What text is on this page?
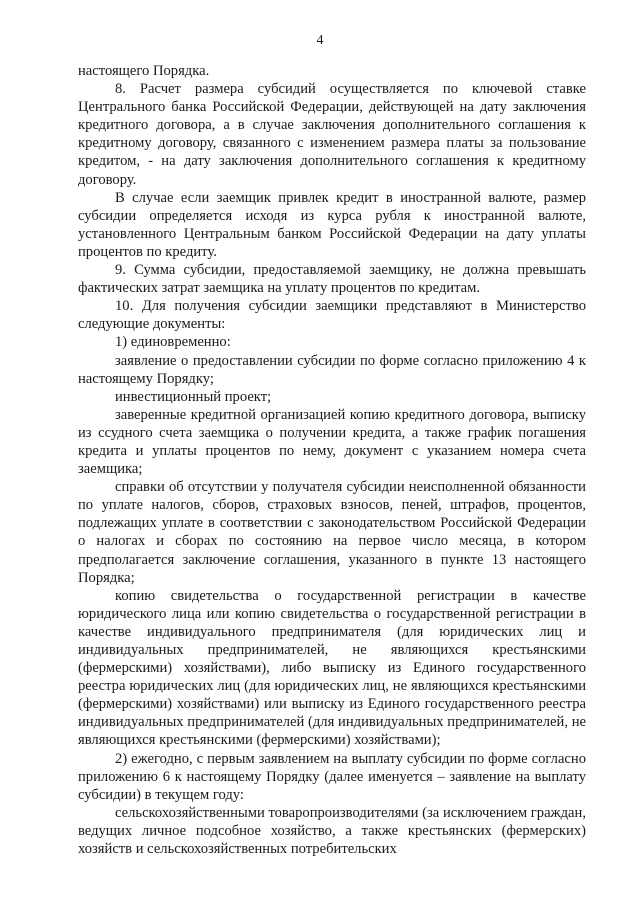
4

настоящего Порядка.

8. Расчет размера субсидий осуществляется по ключевой ставке Центрального банка Российской Федерации, действующей на дату заключения кредитного договора, а в случае заключения дополнительного соглашения к кредитному договору, связанного с изменением размера платы за пользование кредитом, - на дату заключения дополнительного соглашения к кредитному договору.

В случае если заемщик привлек кредит в иностранной валюте, размер субсидии определяется исходя из курса рубля к иностранной валюте, установленного Центральным банком Российской Федерации на дату уплаты процентов по кредиту.

9. Сумма субсидии, предоставляемой заемщику, не должна превышать фактических затрат заемщика на уплату процентов по кредитам.

10. Для получения субсидии заемщики представляют в Министерство следующие документы:

1) единовременно:

заявление о предоставлении субсидии по форме согласно приложению 4 к настоящему Порядку;

инвестиционный проект;

заверенные кредитной организацией копию кредитного договора, выписку из ссудного счета заемщика о получении кредита, а также график погашения кредита и уплаты процентов по нему, документ с указанием номера счета заемщика;

справки об отсутствии у получателя субсидии неисполненной обязанности по уплате налогов, сборов, страховых взносов, пеней, штрафов, процентов, подлежащих уплате в соответствии с законодательством Российской Федерации о налогах и сборах по состоянию на первое число месяца, в котором предполагается заключение соглашения, указанного в пункте 13 настоящего Порядка;

копию свидетельства о государственной регистрации в качестве юридического лица или копию свидетельства о государственной регистрации в качестве индивидуального предпринимателя (для юридических лиц и индивидуальных предпринимателей, не являющихся крестьянскими (фермерскими) хозяйствами), либо выписку из Единого государственного реестра юридических лиц (для юридических лиц, не являющихся крестьянскими (фермерскими) хозяйствами) или выписку из Единого государственного реестра индивидуальных предпринимателей (для индивидуальных предпринимателей, не являющихся крестьянскими (фермерскими) хозяйствами);

2) ежегодно, с первым заявлением на выплату субсидии по форме согласно приложению 6 к настоящему Порядку (далее именуется – заявление на выплату субсидии) в текущем году:

сельскохозяйственными товаропроизводителями (за исключением граждан, ведущих личное подсобное хозяйство, а также крестьянских (фермерских) хозяйств и сельскохозяйственных потребительских
